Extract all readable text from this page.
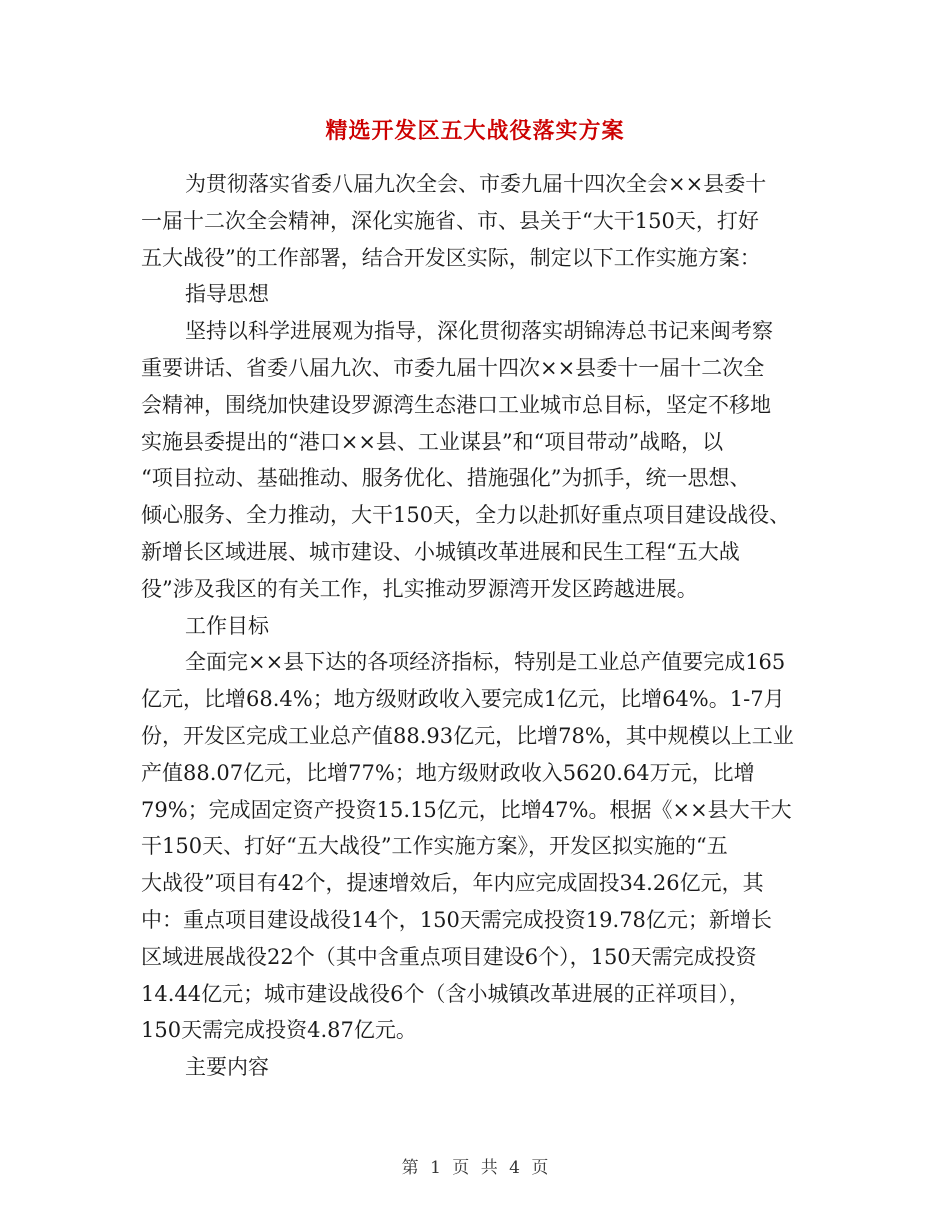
精选开发区五大战役落实方案
为贯彻落实省委八届九次全会、市委九届十四次全会××县委十
一届十二次全会精神，深化实施省、市、县关于“大干150天，打好
五大战役”的工作部署，结合开发区实际，制定以下工作实施方案：
指导思想
坚持以科学进展观为指导，深化贯彻落实胡锦涛总书记来闽考察
重要讲话、省委八届九次、市委九届十四次××县委十一届十二次全
会精神，围绕加快建设罗源湾生态港口工业城市总目标，坚定不移地
实施县委提出的“港口××县、工业谋县”和“项目带动”战略，以
“项目拉动、基础推动、服务优化、措施强化”为抓手，统一思想、
倾心服务、全力推动，大干150天，全力以赴抓好重点项目建设战役、
新增长区域进展、城市建设、小城镇改革进展和民生工程“五大战
役”涉及我区的有关工作，扎实推动罗源湾开发区跨越进展。
工作目标
全面完××县下达的各项经济指标，特别是工业总产值要完成165
亿元，比增68.4%；地方级财政收入要完成1亿元，比增64%。1-7月
份，开发区完成工业总产值88.93亿元，比增78%，其中规模以上工业
产值88.07亿元，比增77%；地方级财政收入5620.64万元，比增
79%；完成固定资产投资15.15亿元，比增47%。根据《××县大干大
干150天、打好“五大战役”工作实施方案》，开发区拟实施的“五
大战役”项目有42个，提速增效后，年内应完成固投34.26亿元，其
中：重点项目建设战役14个，150天需完成投资19.78亿元；新增长
区域进展战役22个（其中含重点项目建设6个），150天需完成投资
14.44亿元；城市建设战役6个（含小城镇改革进展的正祥项目），
150天需完成投资4.87亿元。
主要内容
第 1 页 共 4 页
